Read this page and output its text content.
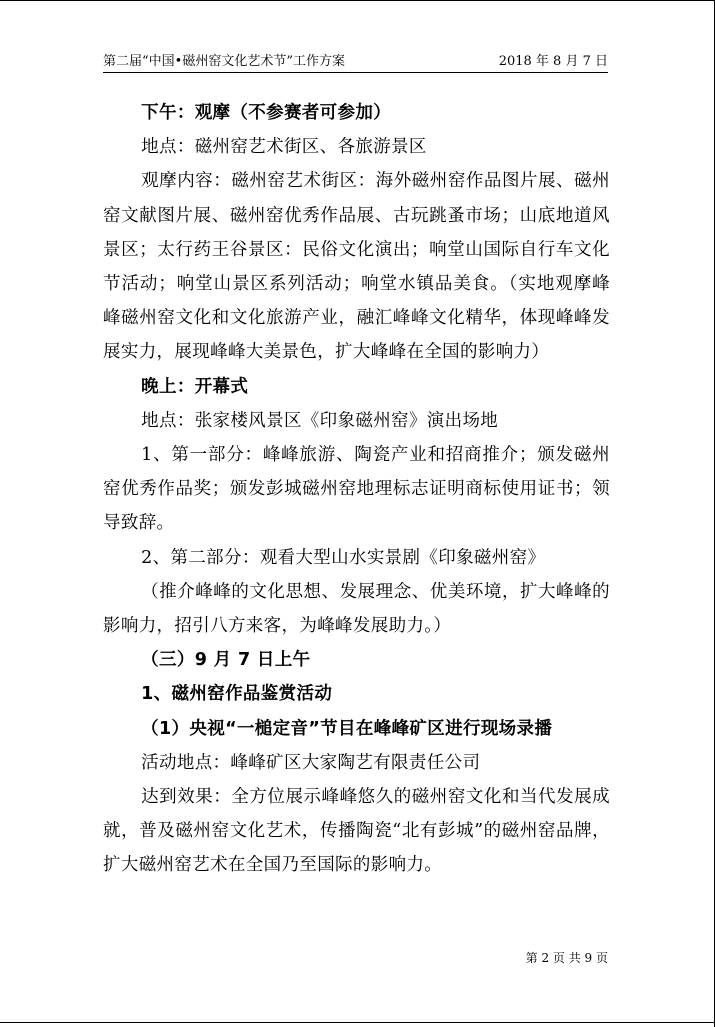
第二届“中国•磁州窑文化艺术节”工作方案	2018 年 8 月 7 日

下午：观摩（不参赛者可参加）

地点：磁州窑艺术街区、各旅游景区

观摩内容：磁州窑艺术街区：海外磁州窑作品图片展、磁州窑文献图片展、磁州窑优秀作品展、古玩跳蚤市场；山底地道风景区；太行药王谷景区：民俗文化演出；响堂山国际自行车文化节活动；响堂山景区系列活动；响堂水镇品美食。（实地观摩峰峰磁州窑文化和文化旅游产业，融汇峰峰文化精华，体现峰峰发展实力，展现峰峰大美景色，扩大峰峰在全国的影响力）

晚上：开幕式

地点：张家楼风景区《印象磁州窑》演出场地

1、第一部分：峰峰旅游、陶瓷产业和招商推介；颁发磁州窑优秀作品奖；颁发彭城磁州窑地理标志证明商标使用证书；领导致辞。

2、第二部分：观看大型山水实景剧《印象磁州窑》

（推介峰峰的文化思想、发展理念、优美环境，扩大峰峰的影响力，招引八方来客，为峰峰发展助力。）

（三）9 月 7 日上午

1、磁州窑作品鉴赏活动

（1）央视“一槌定音”节目在峰峰矿区进行现场录播

活动地点：峰峰矿区大家陶艺有限责任公司

达到效果：全方位展示峰峰悠久的磁州窑文化和当代发展成就，普及磁州窑文化艺术，传播陶瓷“北有彭城”的磁州窑品牌，扩大磁州窑艺术在全国乃至国际的影响力。

第 2 页 共 9 页
